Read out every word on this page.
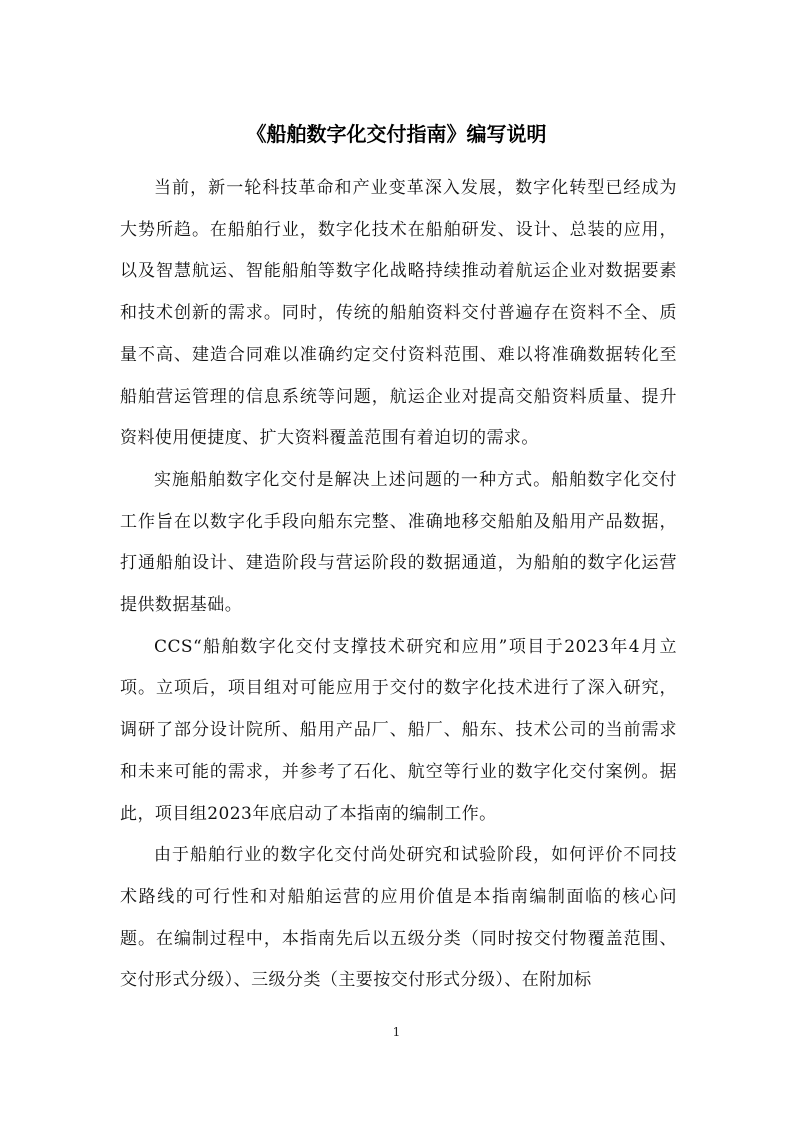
《船舶数字化交付指南》编写说明

当前，新一轮科技革命和产业变革深入发展，数字化转型已经成为大势所趋。在船舶行业，数字化技术在船舶研发、设计、总装的应用，以及智慧航运、智能船舶等数字化战略持续推动着航运企业对数据要素和技术创新的需求。同时，传统的船舶资料交付普遍存在资料不全、质量不高、建造合同难以准确约定交付资料范围、难以将准确数据转化至船舶营运管理的信息系统等问题，航运企业对提高交船资料质量、提升资料使用便捷度、扩大资料覆盖范围有着迫切的需求。

实施船舶数字化交付是解决上述问题的一种方式。船舶数字化交付工作旨在以数字化手段向船东完整、准确地移交船舶及船用产品数据，打通船舶设计、建造阶段与营运阶段的数据通道，为船舶的数字化运营提供数据基础。

CCS“船舶数字化交付支撑技术研究和应用”项目于2023年4月立项。立项后，项目组对可能应用于交付的数字化技术进行了深入研究，调研了部分设计院所、船用产品厂、船厂、船东、技术公司的当前需求和未来可能的需求，并参考了石化、航空等行业的数字化交付案例。据此，项目组2023年底启动了本指南的编制工作。

由于船舶行业的数字化交付尚处研究和试验阶段，如何评价不同技术路线的可行性和对船舶运营的应用价值是本指南编制面临的核心问题。在编制过程中，本指南先后以五级分类（同时按交付物覆盖范围、交付形式分级）、三级分类（主要按交付形式分级）、在附加标

1
